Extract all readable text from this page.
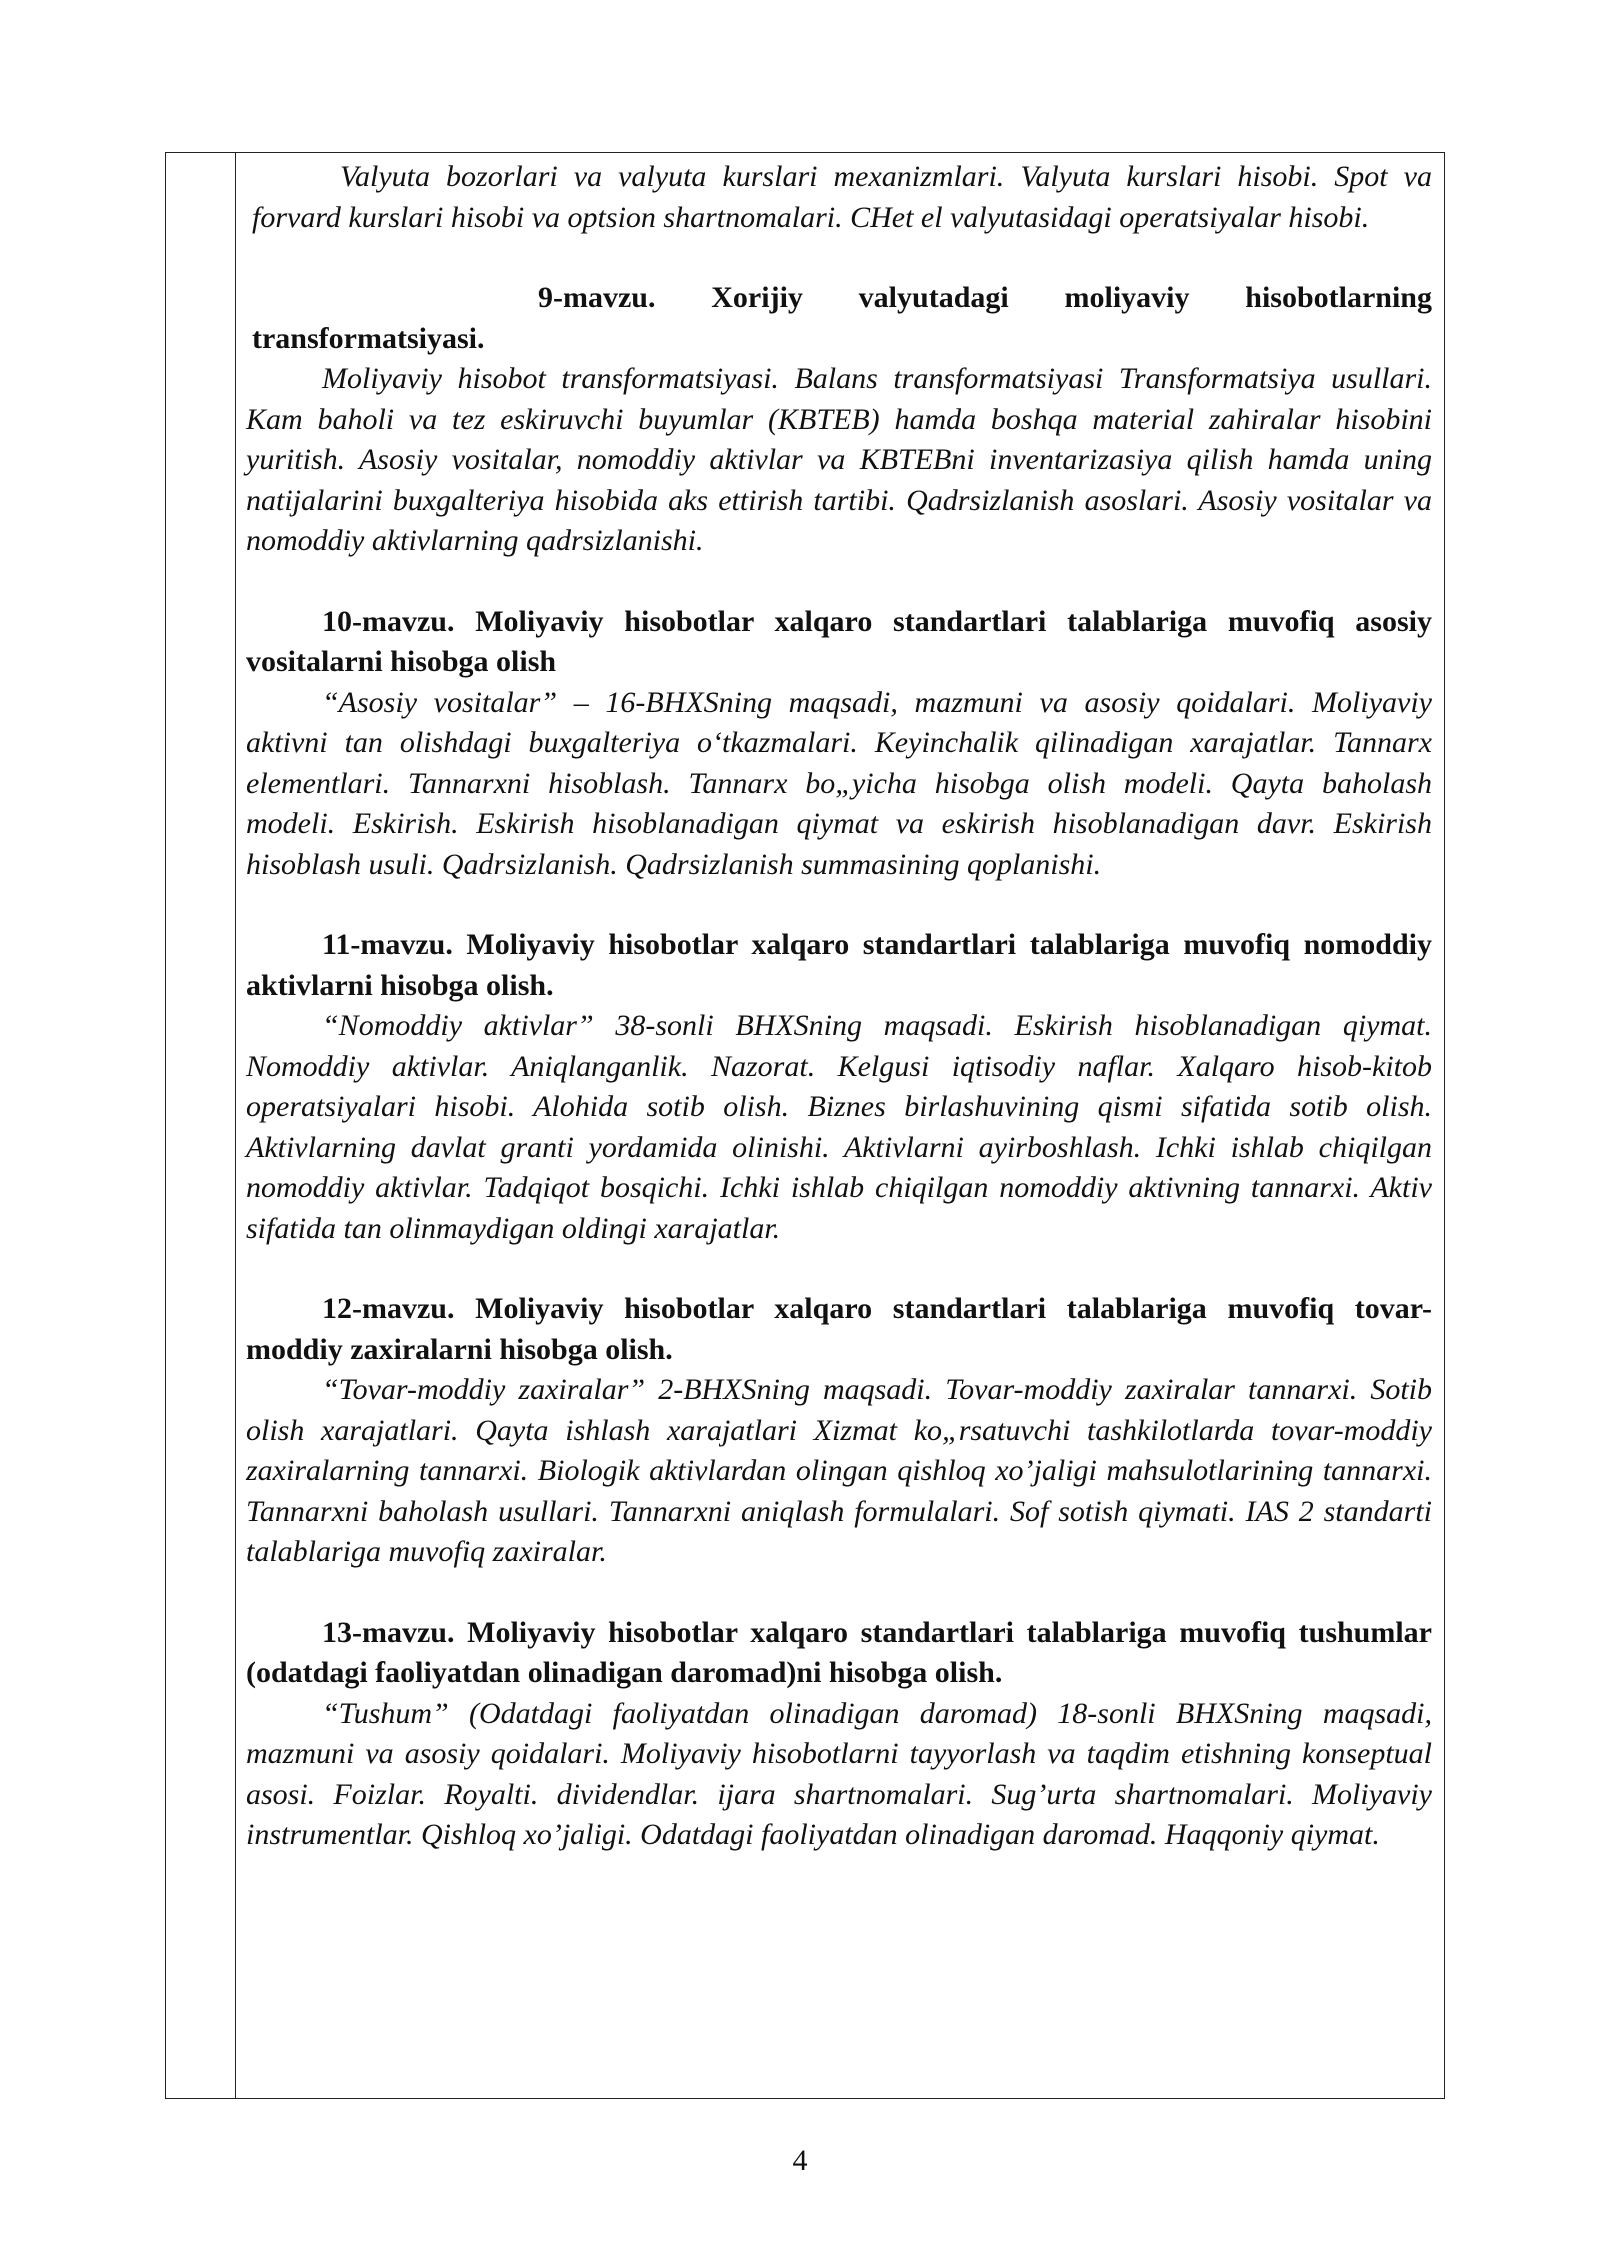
Valyuta bozorlari va valyuta kurslari mexanizmlari. Valyuta kurslari hisobi. Spot va forvard kurslari hisobi va optsion shartnomalari. CHet el valyutasidagi operatsiyalar hisobi.

9-mavzu. Xorijiy valyutadagi moliyaviy hisobotlarning transformatsiyasi.

Moliyaviy hisobot transformatsiyasi. Balans transformatsiyasi Transformatsiya usullari. Kam baholi va tez eskiruvchi buyumlar (KBTEB) hamda boshqa material zahiralar hisobini yuritish. Asosiy vositalar, nomoddiy aktivlar va KBTEBni inventarizasiya qilish hamda uning natijalarini buxgalteriya hisobida aks ettirish tartibi. Qadrsizlanish asoslari. Asosiy vositalar va nomoddiy aktivlarning qadrsizlanishi.

10-mavzu. Moliyaviy hisobotlar xalqaro standartlari talablariga muvofiq asosiy vositalarni hisobga olish

“Asosiy vositalar” – 16-BHXSning maqsadi, mazmuni va asosiy qoidalari. Moliyaviy aktivni tan olishdagi buxgalteriya o‘tkazmalari. Keyinchalik qilinadigan xarajatlar. Tannarx elementlari. Tannarxni hisoblash. Tannarx bo„yicha hisobga olish modeli. Qayta baholash modeli. Eskirish. Eskirish hisoblanadigan qiymat va eskirish hisoblanadigan davr. Eskirish hisoblash usuli. Qadrsizlanish. Qadrsizlanish summasining qoplanishi.

11-mavzu. Moliyaviy hisobotlar xalqaro standartlari talablariga muvofiq nomoddiy aktivlarni hisobga olish.

“Nomoddiy aktivlar” 38-sonli BHXSning maqsadi. Eskirish hisoblanadigan qiymat. Nomoddiy aktivlar. Aniqlanganlik. Nazorat. Kelgusi iqtisodiy naflar. Xalqaro hisob-kitob operatsiyalari hisobi. Alohida sotib olish. Biznes birlashuvining qismi sifatida sotib olish. Aktivlarning davlat granti yordamida olinishi. Aktivlarni ayirboshlash. Ichki ishlab chiqilgan nomoddiy aktivlar. Tadqiqot bosqichi. Ichki ishlab chiqilgan nomoddiy aktivning tannarxi. Aktiv sifatida tan olinmaydigan oldingi xarajatlar.

12-mavzu. Moliyaviy hisobotlar xalqaro standartlari talablariga muvofiq tovar-moddiy zaxiralarni hisobga olish.

“Tovar-moddiy zaxiralar” 2-BHXSning maqsadi. Tovar-moddiy zaxiralar tannarxi. Sotib olish xarajatlari. Qayta ishlash xarajatlari Xizmat ko„rsatuvchi tashkilotlarda tovar-moddiy zaxiralarning tannarxi. Biologik aktivlardan olingan qishloq xo’jaligi mahsulotlarining tannarxi. Tannarxni baholash usullari. Tannarxni aniqlash formulalari. Sof sotish qiymati. IAS 2 standarti talablariga muvofiq zaxiralar.

13-mavzu. Moliyaviy hisobotlar xalqaro standartlari talablariga muvofiq tushumlar (odatdagi faoliyatdan olinadigan daromad)ni hisobga olish.

“Tushum” (Odatdagi faoliyatdan olinadigan daromad) 18-sonli BHXSning maqsadi, mazmuni va asosiy qoidalari. Moliyaviy hisobotlarni tayyorlash va taqdim etishning konseptual asosi. Foizlar. Royalti. dividendlar. ijara shartnomalari. Sug’urta shartnomalari. Moliyaviy instrumentlar. Qishloq xo’jaligi. Odatdagi faoliyatdan olinadigan daromad. Haqqoniy qiymat.

4
